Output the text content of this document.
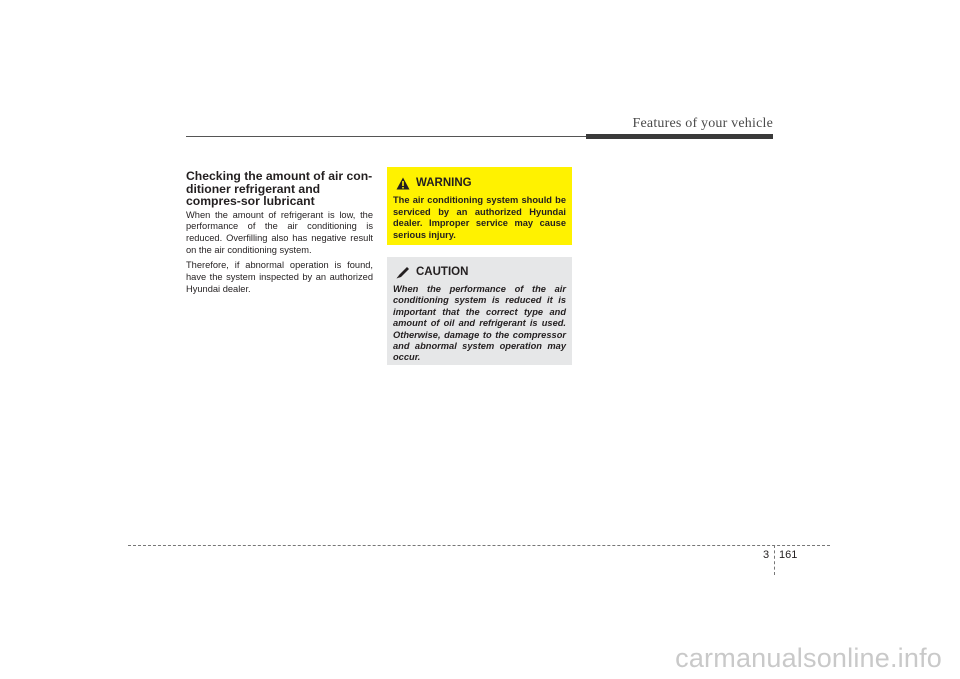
Features of your vehicle
Checking the amount of air con-ditioner refrigerant and compres-sor lubricant

When the amount of refrigerant is low, the performance of the air conditioning is reduced. Overfilling also has negative result on the air conditioning system.

Therefore, if abnormal operation is found, have the system inspected by an authorized Hyundai dealer.

WARNING

The air conditioning system should be serviced by an authorized Hyundai dealer. Improper service may cause serious injury.

CAUTION

When the performance of the air conditioning system is reduced it is important that the correct type and amount of oil and refrigerant is used. Otherwise, damage to the compressor and abnormal system operation may occur.

3 161
carmanualsonline.info
